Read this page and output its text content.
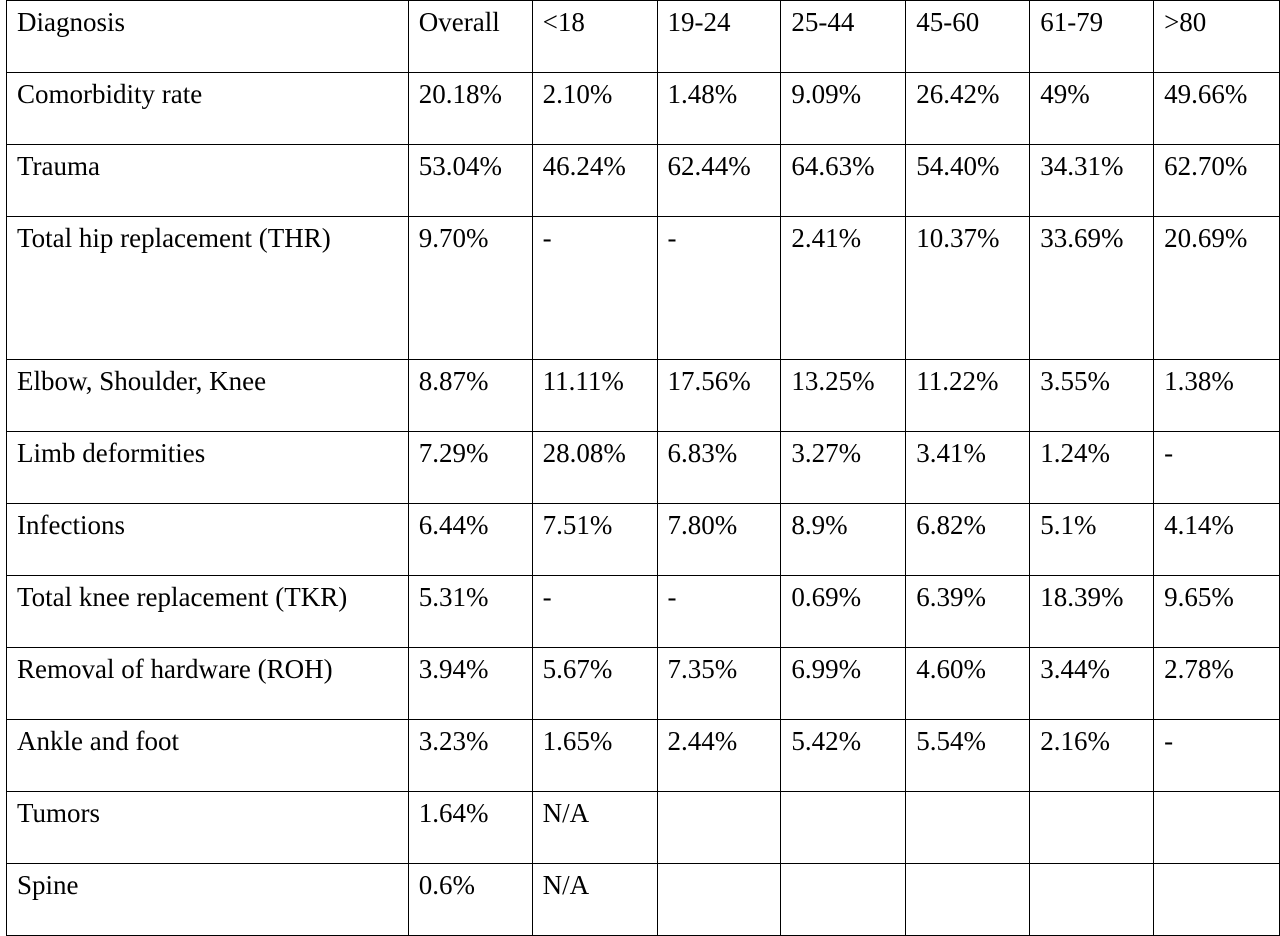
Diagnosis	Overall	<18	19-24	25-44	45-60	61-79	>80
Comorbidity rate	20.18%	2.10%	1.48%	9.09%	26.42%	49%	49.66%
Trauma	53.04%	46.24%	62.44%	64.63%	54.40%	34.31%	62.70%

Total hip replacement (THR)	9.70%	-	-	2.41%	10.37%	33.69%	20.69%
Elbow, Shoulder, Knee	8.87%	11.11%	17.56%	13.25%	11.22%	3.55%	1.38%
Limb deformities	7.29%	28.08%	6.83%	3.27%	3.41%	1.24%	-
Infections	6.44%	7.51%	7.80%	8.9%	6.82%	5.1%	4.14%
Total knee replacement (TKR)	5.31%	-	-	0.69%	6.39%	18.39%	9.65%
Removal of hardware (ROH)	3.94%	5.67%	7.35%	6.99%	4.60%	3.44%	2.78%
Ankle and foot	3.23%	1.65%	2.44%	5.42%	5.54%	2.16%	-
Tumors	1.64%	N/A					
Spine	0.6%	N/A					
